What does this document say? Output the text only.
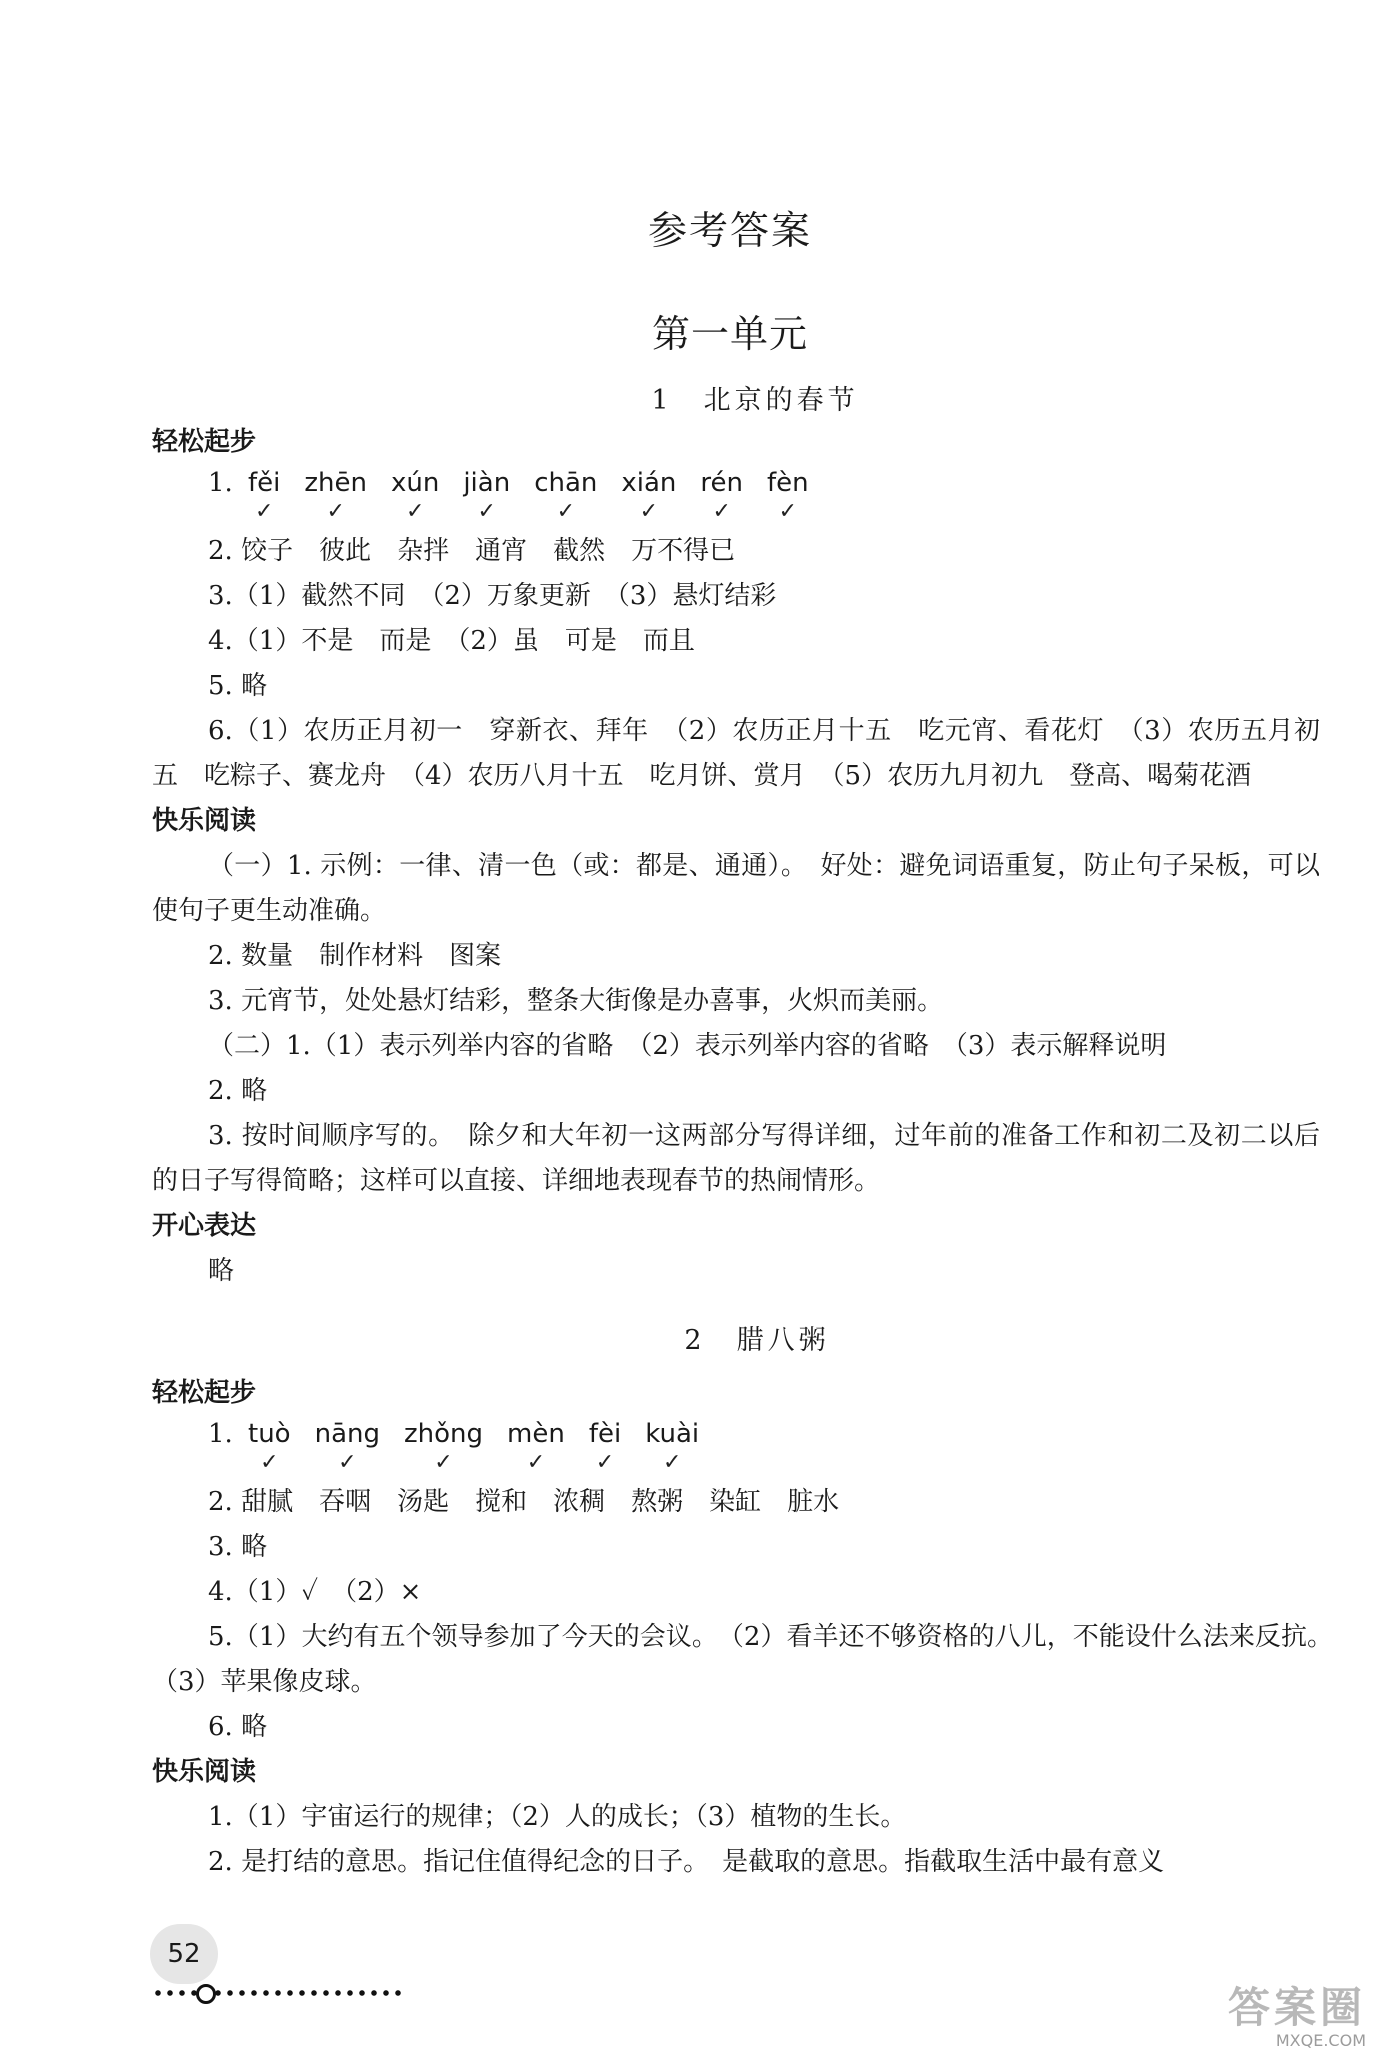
参考答案
第一单元
1　北京的春节

轻松起步

1. fěi
✓
zhēn
✓
xún
✓
jiàn
✓
chān
✓
xián
✓
rén
✓
fèn
✓

2. 饺子　彼此　杂拌　通宵　截然　万不得已

3.（1）截然不同　（2）万象更新　（3）悬灯结彩

4.（1）不是　而是　（2）虽　可是　而且

5. 略

6.（1）农历正月初一　穿新衣、拜年　（2）农历正月十五　吃元宵、看花灯　（3）农历五月初五　吃粽子、赛龙舟　（4）农历八月十五　吃月饼、赏月　（5）农历九月初九　登高、喝菊花酒

快乐阅读

（一）1. 示例：一律、清一色（或：都是、通通）。　好处：避免词语重复，防止句子呆板，可以使句子更生动准确。

2. 数量　制作材料　图案

3. 元宵节，处处悬灯结彩，整条大街像是办喜事，火炽而美丽。

（二）1.（1）表示列举内容的省略　（2）表示列举内容的省略　（3）表示解释说明

2. 略

3. 按时间顺序写的。　除夕和大年初一这两部分写得详细，过年前的准备工作和初二及初二以后的日子写得简略；这样可以直接、详细地表现春节的热闹情形。

开心表达

略

2　腊八粥

轻松起步

1. tuò
✓
nāng
✓
zhǒng
✓
mèn
✓
fèi
✓
kuài
✓

2. 甜腻　吞咽　汤匙　搅和　浓稠　熬粥　染缸　脏水

3. 略

4.（1）✓　（2）×

5.（1）大约有五个领导参加了今天的会议。　（2）看羊还不够资格的八儿，不能设什么法来反抗。　（3）苹果像皮球。

6. 略

快乐阅读

1.（1）宇宙运行的规律；（2）人的成长；（3）植物的生长。

2. 是打结的意思。指记住值得纪念的日子。　是截取的意思。指截取生活中最有意义

52
答案圈
MXQE.COM
